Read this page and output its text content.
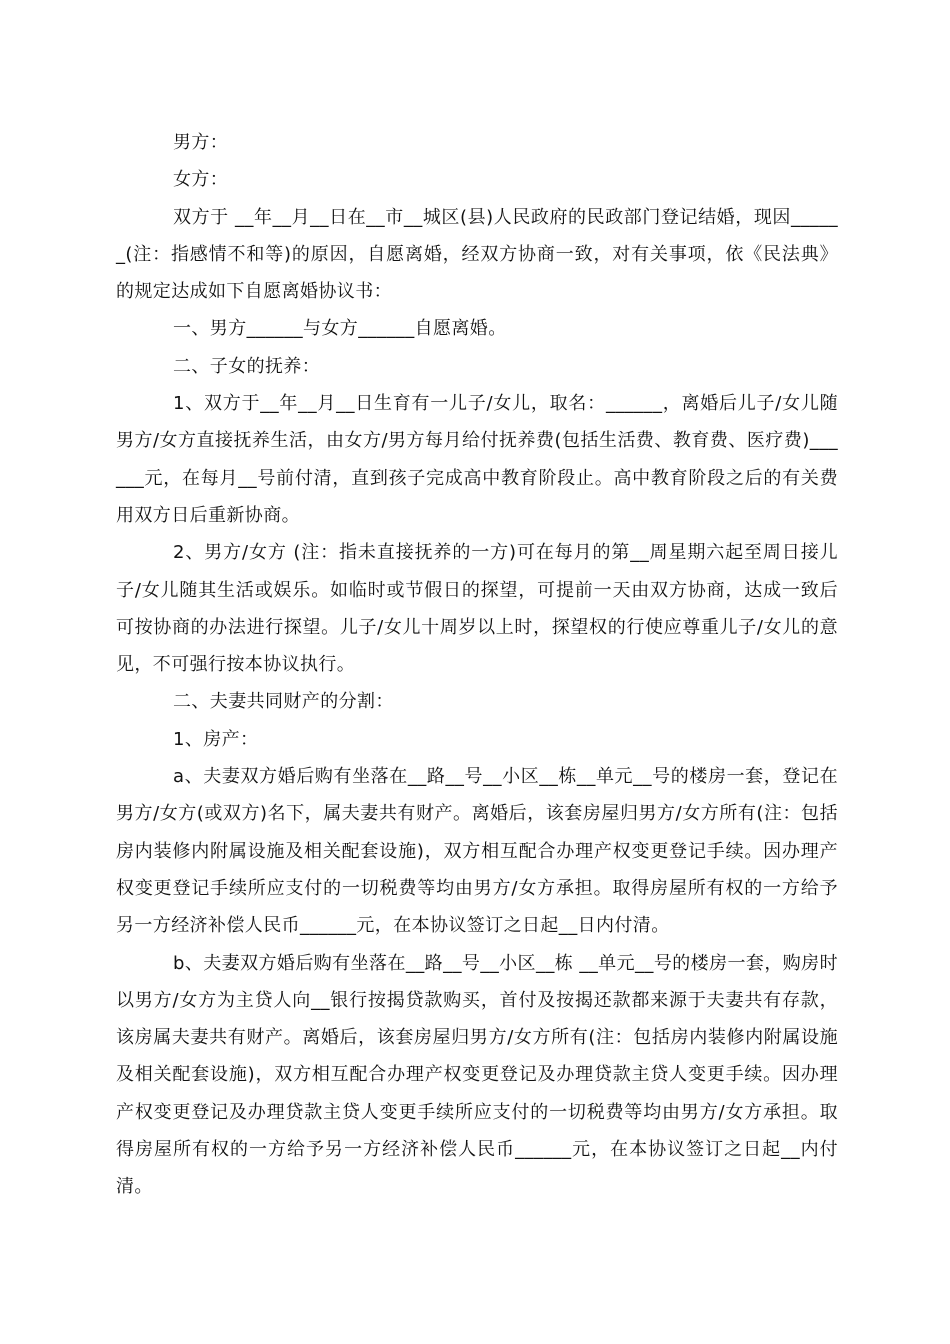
男方：

女方：

双方于 __年__月__日在__市__城区(县)人民政府的民政部门登记结婚，现因______(注：指感情不和等)的原因，自愿离婚，经双方协商一致，对有关事项，依《民法典》的规定达成如下自愿离婚协议书：

一、男方______与女方______自愿离婚。

二、子女的抚养：

1、双方于__年__月__日生育有一儿子/女儿，取名：______，离婚后儿子/女儿随男方/女方直接抚养生活，由女方/男方每月给付抚养费(包括生活费、教育费、医疗费)______元，在每月__号前付清，直到孩子完成高中教育阶段止。高中教育阶段之后的有关费用双方日后重新协商。

2、男方/女方 (注：指未直接抚养的一方)可在每月的第__周星期六起至周日接儿子/女儿随其生活或娱乐。如临时或节假日的探望，可提前一天由双方协商，达成一致后可按协商的办法进行探望。儿子/女儿十周岁以上时，探望权的行使应尊重儿子/女儿的意见，不可强行按本协议执行。

二、夫妻共同财产的分割：

1、房产：

a、夫妻双方婚后购有坐落在__路__号__小区__栋__单元__号的楼房一套，登记在男方/女方(或双方)名下，属夫妻共有财产。离婚后，该套房屋归男方/女方所有(注：包括房内装修内附属设施及相关配套设施)，双方相互配合办理产权变更登记手续。因办理产权变更登记手续所应支付的一切税费等均由男方/女方承担。取得房屋所有权的一方给予另一方经济补偿人民币______元，在本协议签订之日起__日内付清。

b、夫妻双方婚后购有坐落在__路__号__小区__栋 __单元__号的楼房一套，购房时以男方/女方为主贷人向__银行按揭贷款购买，首付及按揭还款都来源于夫妻共有存款，该房属夫妻共有财产。离婚后，该套房屋归男方/女方所有(注：包括房内装修内附属设施及相关配套设施)，双方相互配合办理产权变更登记及办理贷款主贷人变更手续。因办理产权变更登记及办理贷款主贷人变更手续所应支付的一切税费等均由男方/女方承担。取得房屋所有权的一方给予另一方经济补偿人民币______元，在本协议签订之日起__内付清。
